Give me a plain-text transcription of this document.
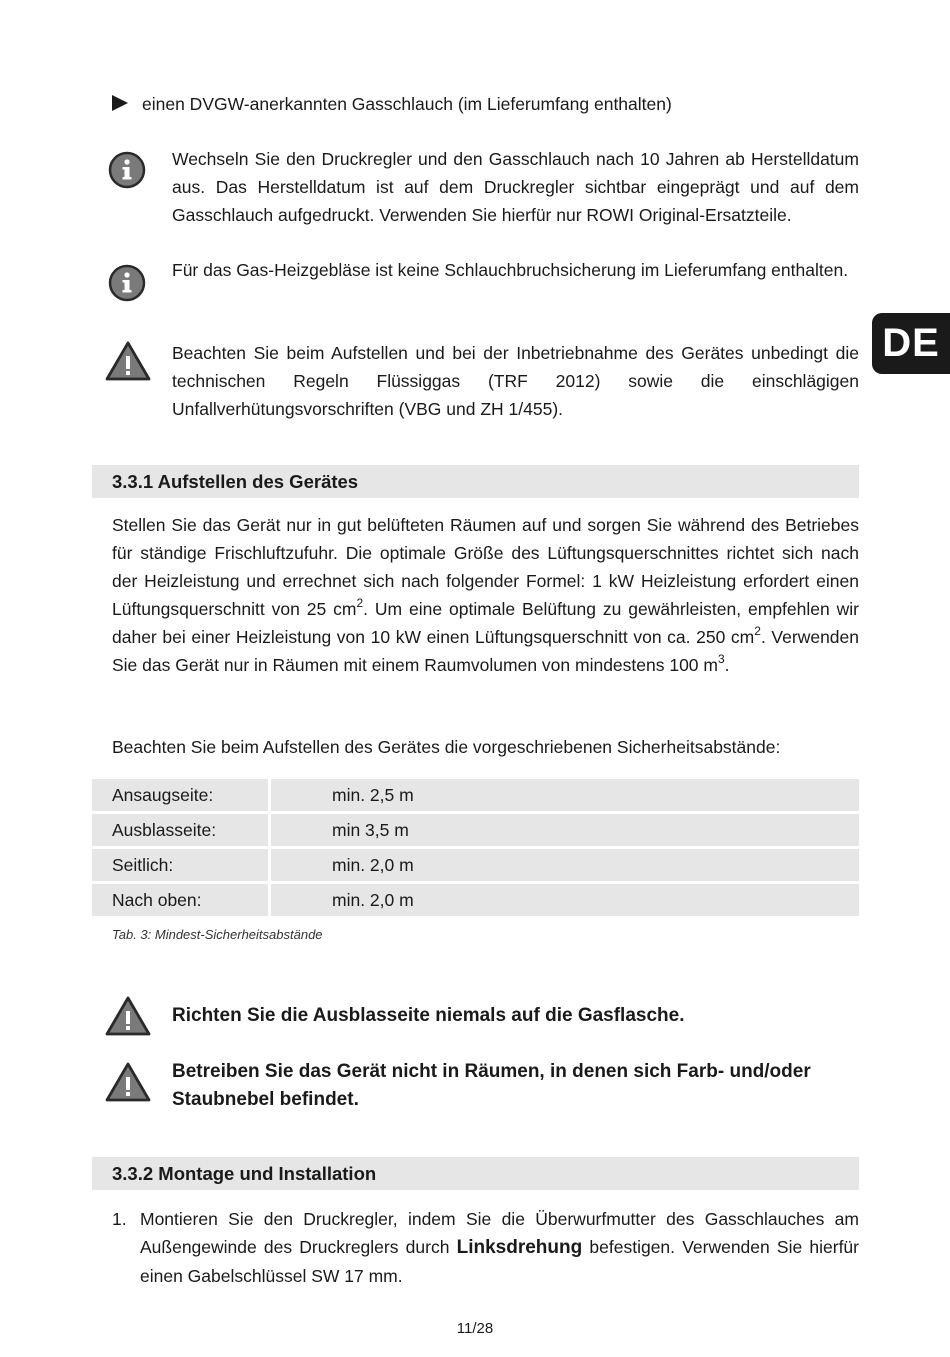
DE
einen DVGW-anerkannten Gasschlauch (im Lieferumfang enthalten)
Wechseln Sie den Druckregler und den Gasschlauch nach 10 Jahren ab Herstelldatum aus. Das Herstelldatum ist auf dem Druckregler sichtbar eingeprägt und auf dem Gasschlauch aufgedruckt. Verwenden Sie hierfür nur ROWI Original-Ersatzteile.
Für das Gas-Heizgebläse ist keine Schlauchbruchsicherung im Lieferumfang enthalten.
Beachten Sie beim Aufstellen und bei der Inbetriebnahme des Gerätes unbedingt die technischen Regeln Flüssiggas (TRF 2012) sowie die einschlägigen Unfallverhütungsvorschriften (VBG und ZH 1/455).
3.3.1 Aufstellen des Gerätes
Stellen Sie das Gerät nur in gut belüfteten Räumen auf und sorgen Sie während des Betriebes für ständige Frischluftzufuhr. Die optimale Größe des Lüftungsquerschnittes richtet sich nach der Heizleistung und errechnet sich nach folgender Formel: 1 kW Heizleistung erfordert einen Lüftungsquerschnitt von 25 $cm^2$. Um eine optimale Belüftung zu gewährleisten, empfehlen wir daher bei einer Heizleistung von 10 kW einen Lüftungsquerschnitt von ca. 250 $cm^2$. Verwenden Sie das Gerät nur in Räumen mit einem Raumvolumen von mindestens 100 $m^3$.
Beachten Sie beim Aufstellen des Gerätes die vorgeschriebenen Sicherheitsabstände:
Ansaugseite:	min. 2,5 m
Ausblasseite:	min 3,5 m
Seitlich:	min. 2,0 m
Nach oben:	min. 2,0 m
Tab. 3: Mindest-Sicherheitsabstände
Richten Sie die Ausblasseite niemals auf die Gasflasche.
Betreiben Sie das Gerät nicht in Räumen, in denen sich Farb- und/oder Staubnebel befindet.
3.3.2 Montage und Installation
1. Montieren Sie den Druckregler, indem Sie die Überwurfmutter des Gasschlauches am Außengewinde des Druckreglers durch Linksdrehung befestigen. Verwenden Sie hierfür einen Gabelschlüssel SW 17 mm.
11/28
